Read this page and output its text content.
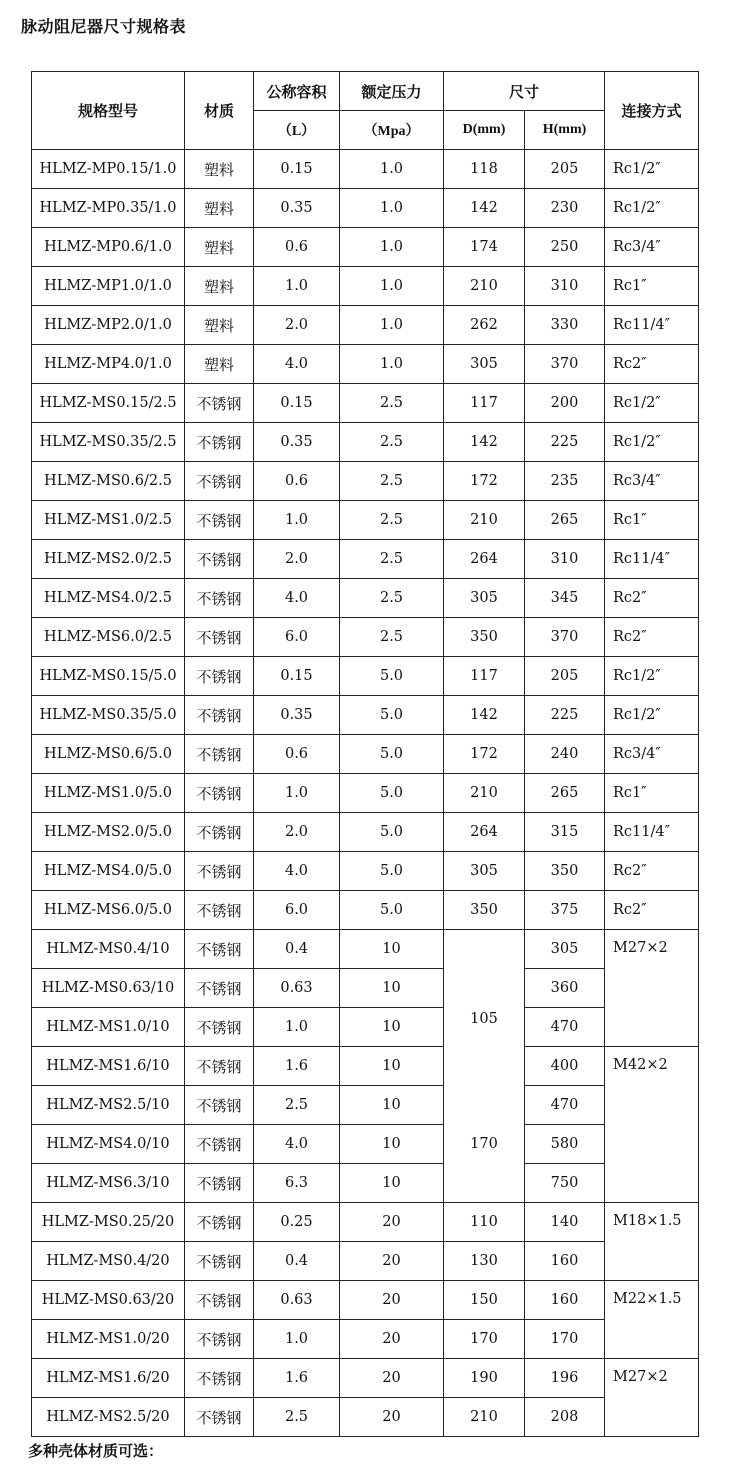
脉动阻尼器尺寸规格表
规格型号	材质	公称容积	额定压力	尺寸		连接方式
		（L）	（Mpa）	D(mm)	H(mm)	
HLMZ-MP0.15/1.0	塑料	0.15	1.0	118	205	Rc1/2″
HLMZ-MP0.35/1.0	塑料	0.35	1.0	142	230	Rc1/2″
HLMZ-MP0.6/1.0	塑料	0.6	1.0	174	250	Rc3/4″
HLMZ-MP1.0/1.0	塑料	1.0	1.0	210	310	Rc1″
HLMZ-MP2.0/1.0	塑料	2.0	1.0	262	330	Rc11/4″
HLMZ-MP4.0/1.0	塑料	4.0	1.0	305	370	Rc2″
HLMZ-MS0.15/2.5	不锈钢	0.15	2.5	117	200	Rc1/2″
HLMZ-MS0.35/2.5	不锈钢	0.35	2.5	142	225	Rc1/2″
HLMZ-MS0.6/2.5	不锈钢	0.6	2.5	172	235	Rc3/4″
HLMZ-MS1.0/2.5	不锈钢	1.0	2.5	210	265	Rc1″
HLMZ-MS2.0/2.5	不锈钢	2.0	2.5	264	310	Rc11/4″
HLMZ-MS4.0/2.5	不锈钢	4.0	2.5	305	345	Rc2″
HLMZ-MS6.0/2.5	不锈钢	6.0	2.5	350	370	Rc2″
HLMZ-MS0.15/5.0	不锈钢	0.15	5.0	117	205	Rc1/2″
HLMZ-MS0.35/5.0	不锈钢	0.35	5.0	142	225	Rc1/2″
HLMZ-MS0.6/5.0	不锈钢	0.6	5.0	172	240	Rc3/4″
HLMZ-MS1.0/5.0	不锈钢	1.0	5.0	210	265	Rc1″
HLMZ-MS2.0/5.0	不锈钢	2.0	5.0	264	315	Rc11/4″
HLMZ-MS4.0/5.0	不锈钢	4.0	5.0	305	350	Rc2″
HLMZ-MS6.0/5.0	不锈钢	6.0	5.0	350	375	Rc2″
HLMZ-MS0.4/10	不锈钢	0.4	10	105	305	M27×2
HLMZ-MS0.63/10	不锈钢	0.63	10		360	
HLMZ-MS1.0/10	不锈钢	1.0	10		470	
HLMZ-MS1.6/10	不锈钢	1.6	10	170	400	M42×2
HLMZ-MS2.5/10	不锈钢	2.5	10		470	
HLMZ-MS4.0/10	不锈钢	4.0	10		580	
HLMZ-MS6.3/10	不锈钢	6.3	10		750	
HLMZ-MS0.25/20	不锈钢	0.25	20	110	140	M18×1.5
HLMZ-MS0.4/20	不锈钢	0.4	20	130	160	
HLMZ-MS0.63/20	不锈钢	0.63	20	150	160	M22×1.5
HLMZ-MS1.0/20	不锈钢	1.0	20	170	170	
HLMZ-MS1.6/20	不锈钢	1.6	20	190	196	M27×2
HLMZ-MS2.5/20	不锈钢	2.5	20	210	208	
多种壳体材质可选：
